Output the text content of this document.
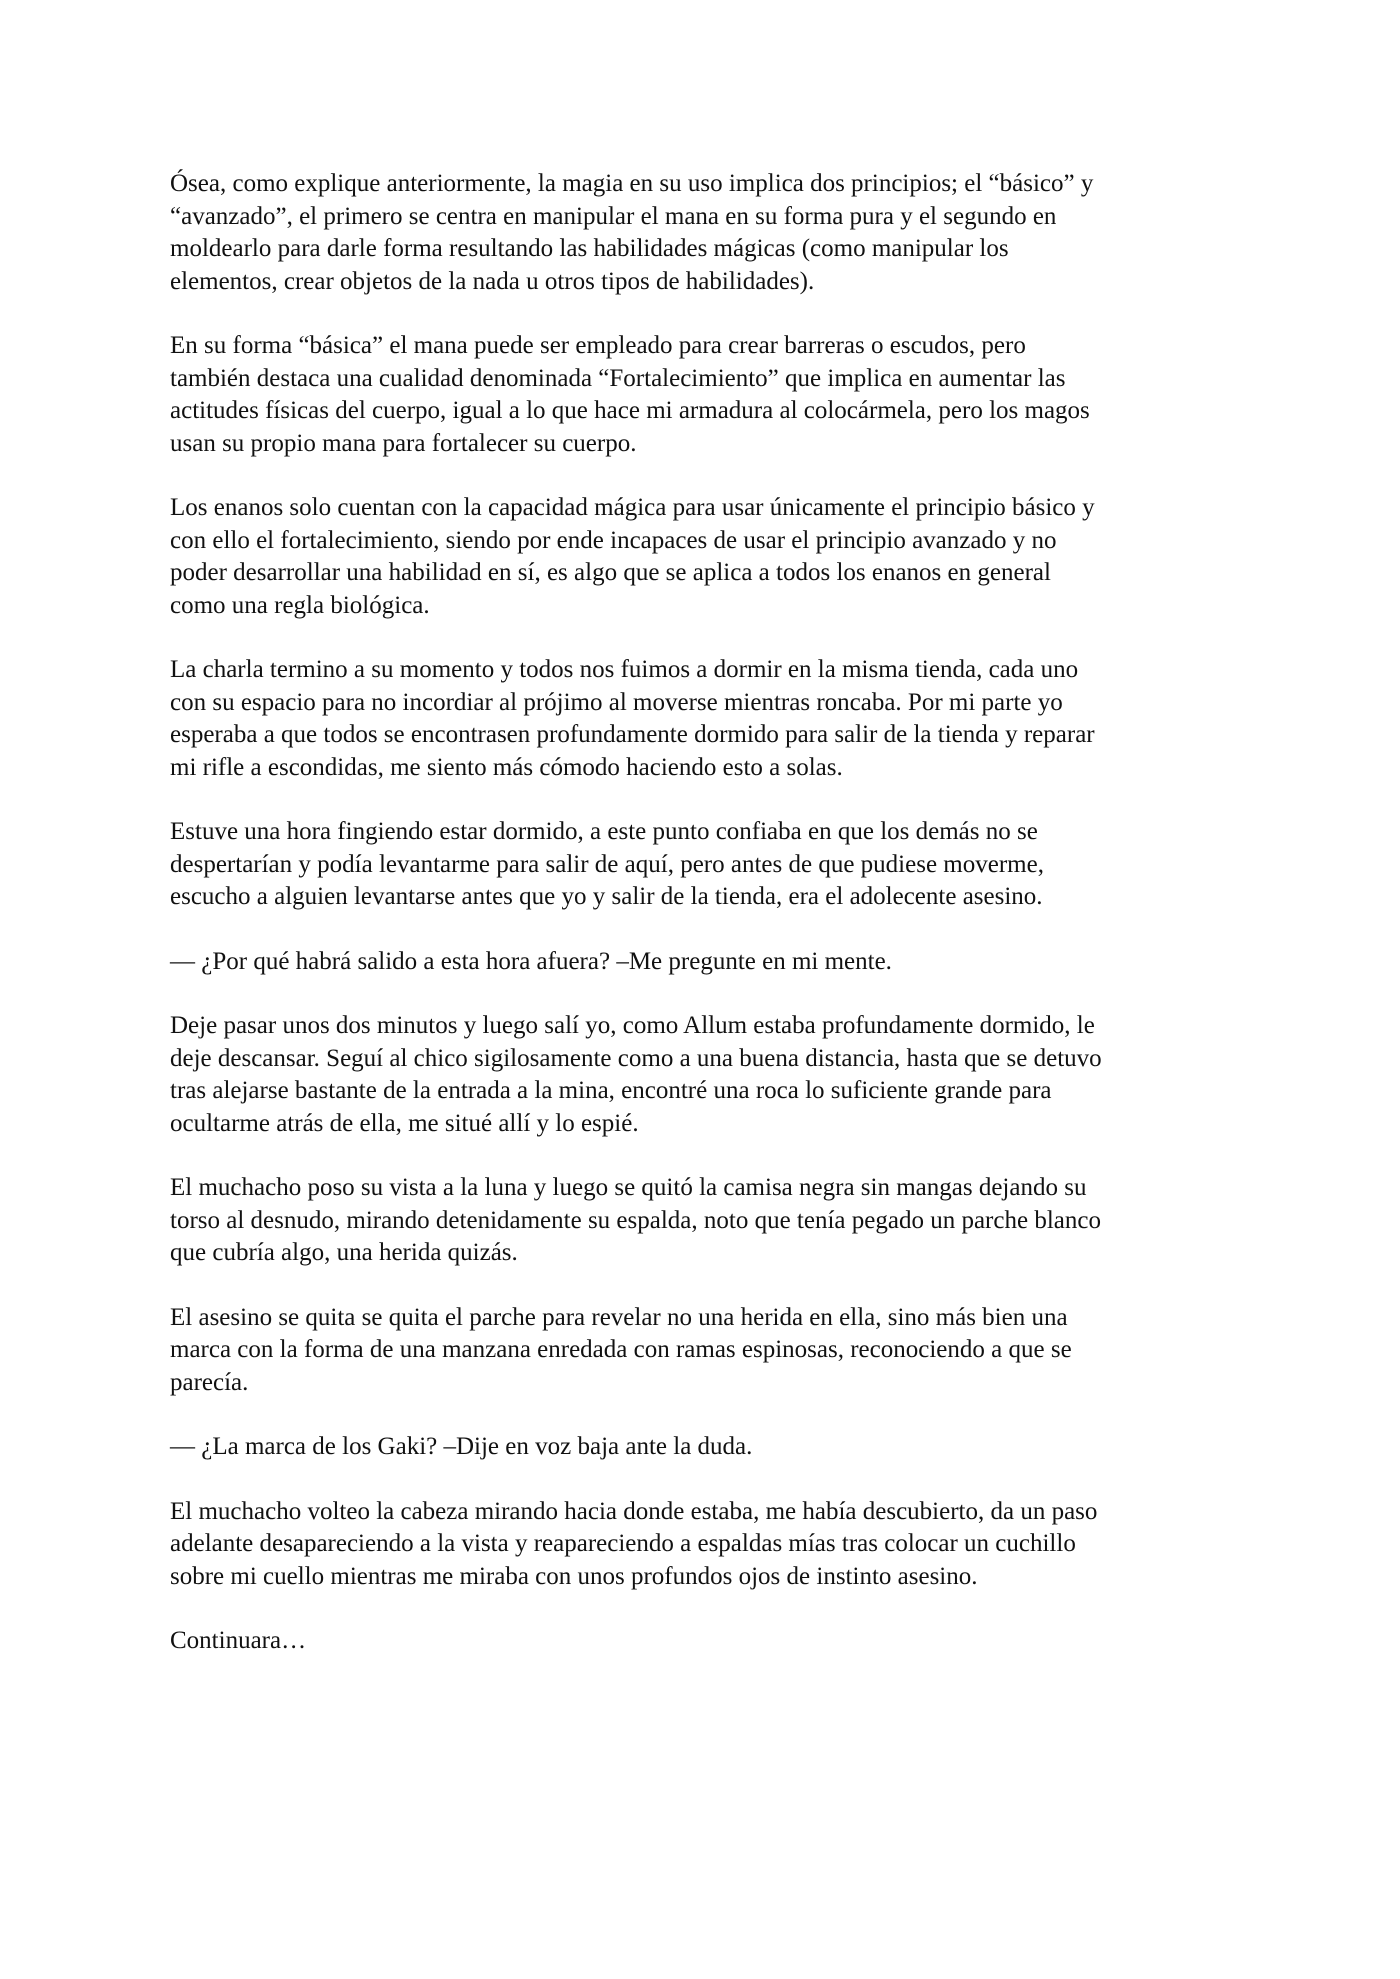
Ósea, como explique anteriormente, la magia en su uso implica dos principios; el “básico” y
“avanzado”, el primero se centra en manipular el mana en su forma pura y el segundo en
moldearlo para darle forma resultando las habilidades mágicas (como manipular los
elementos, crear objetos de la nada u otros tipos de habilidades).
En su forma “básica” el mana puede ser empleado para crear barreras o escudos, pero
también destaca una cualidad denominada “Fortalecimiento” que implica en aumentar las
actitudes físicas del cuerpo, igual a lo que hace mi armadura al colocármela, pero los magos
usan su propio mana para fortalecer su cuerpo.
Los enanos solo cuentan con la capacidad mágica para usar únicamente el principio básico y
con ello el fortalecimiento, siendo por ende incapaces de usar el principio avanzado y no
poder desarrollar una habilidad en sí, es algo que se aplica a todos los enanos en general
como una regla biológica.
La charla termino a su momento y todos nos fuimos a dormir en la misma tienda, cada uno
con su espacio para no incordiar al prójimo al moverse mientras roncaba. Por mi parte yo
esperaba a que todos se encontrasen profundamente dormido para salir de la tienda y reparar
mi rifle a escondidas, me siento más cómodo haciendo esto a solas.
Estuve una hora fingiendo estar dormido, a este punto confiaba en que los demás no se
despertarían y podía levantarme para salir de aquí, pero antes de que pudiese moverme,
escucho a alguien levantarse antes que yo y salir de la tienda, era el adolecente asesino.
— ¿Por qué habrá salido a esta hora afuera? –Me pregunte en mi mente.
Deje pasar unos dos minutos y luego salí yo, como Allum estaba profundamente dormido, le
deje descansar. Seguí al chico sigilosamente como a una buena distancia, hasta que se detuvo
tras alejarse bastante de la entrada a la mina, encontré una roca lo suficiente grande para
ocultarme atrás de ella, me situé allí y lo espié.
El muchacho poso su vista a la luna y luego se quitó la camisa negra sin mangas dejando su
torso al desnudo, mirando detenidamente su espalda, noto que tenía pegado un parche blanco
que cubría algo, una herida quizás.
El asesino se quita se quita el parche para revelar no una herida en ella, sino más bien una
marca con la forma de una manzana enredada con ramas espinosas, reconociendo a que se
parecía.
— ¿La marca de los Gaki? –Dije en voz baja ante la duda.
El muchacho volteo la cabeza mirando hacia donde estaba, me había descubierto, da un paso
adelante desapareciendo a la vista y reapareciendo a espaldas mías tras colocar un cuchillo
sobre mi cuello mientras me miraba con unos profundos ojos de instinto asesino.
Continuara…
